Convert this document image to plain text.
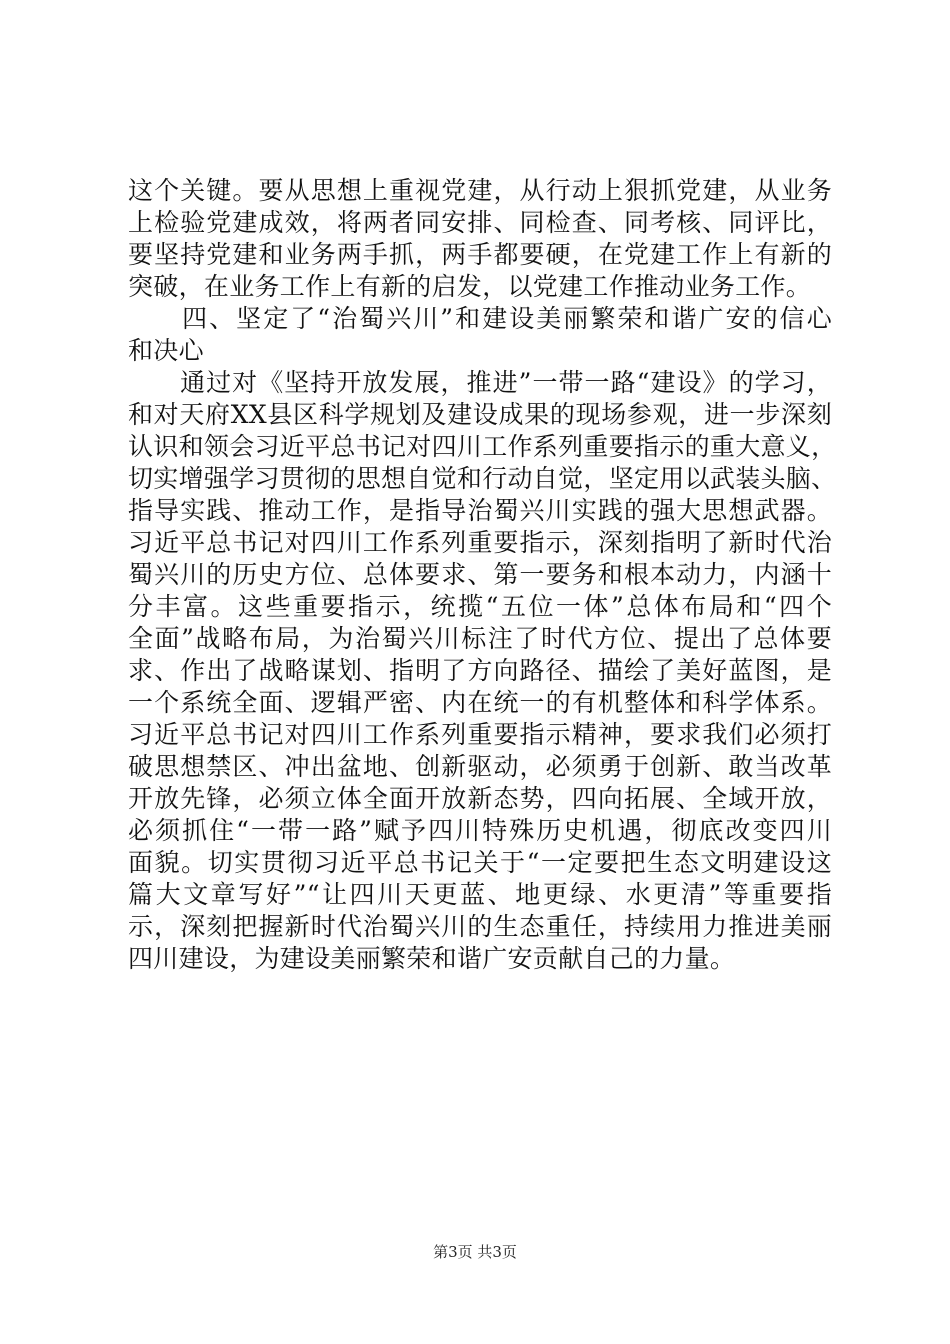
这个关键。要从思想上重视党建，从行动上狠抓党建，从业务
上检验党建成效，将两者同安排、同检查、同考核、同评比，
要坚持党建和业务两手抓，两手都要硬，在党建工作上有新的
突破，在业务工作上有新的启发，以党建工作推动业务工作。
　　四、坚定了“治蜀兴川”和建设美丽繁荣和谐广安的信心
和决心
　　通过对《坚持开放发展，推进”一带一路“建设》的学习，
和对天府XX县区科学规划及建设成果的现场参观，进一步深刻
认识和领会习近平总书记对四川工作系列重要指示的重大意义，
切实增强学习贯彻的思想自觉和行动自觉，坚定用以武装头脑、
指导实践、推动工作，是指导治蜀兴川实践的强大思想武器。
习近平总书记对四川工作系列重要指示，深刻指明了新时代治
蜀兴川的历史方位、总体要求、第一要务和根本动力，内涵十
分丰富。这些重要指示，统揽“五位一体”总体布局和“四个
全面”战略布局，为治蜀兴川标注了时代方位、提出了总体要
求、作出了战略谋划、指明了方向路径、描绘了美好蓝图，是
一个系统全面、逻辑严密、内在统一的有机整体和科学体系。
习近平总书记对四川工作系列重要指示精神，要求我们必须打
破思想禁区、冲出盆地、创新驱动，必须勇于创新、敢当改革
开放先锋，必须立体全面开放新态势，四向拓展、全域开放，
必须抓住“一带一路”赋予四川特殊历史机遇，彻底改变四川
面貌。切实贯彻习近平总书记关于“一定要把生态文明建设这
篇大文章写好”“让四川天更蓝、地更绿、水更清”等重要指
示，深刻把握新时代治蜀兴川的生态重任，持续用力推进美丽
四川建设，为建设美丽繁荣和谐广安贡献自己的力量。
第3页 共3页
